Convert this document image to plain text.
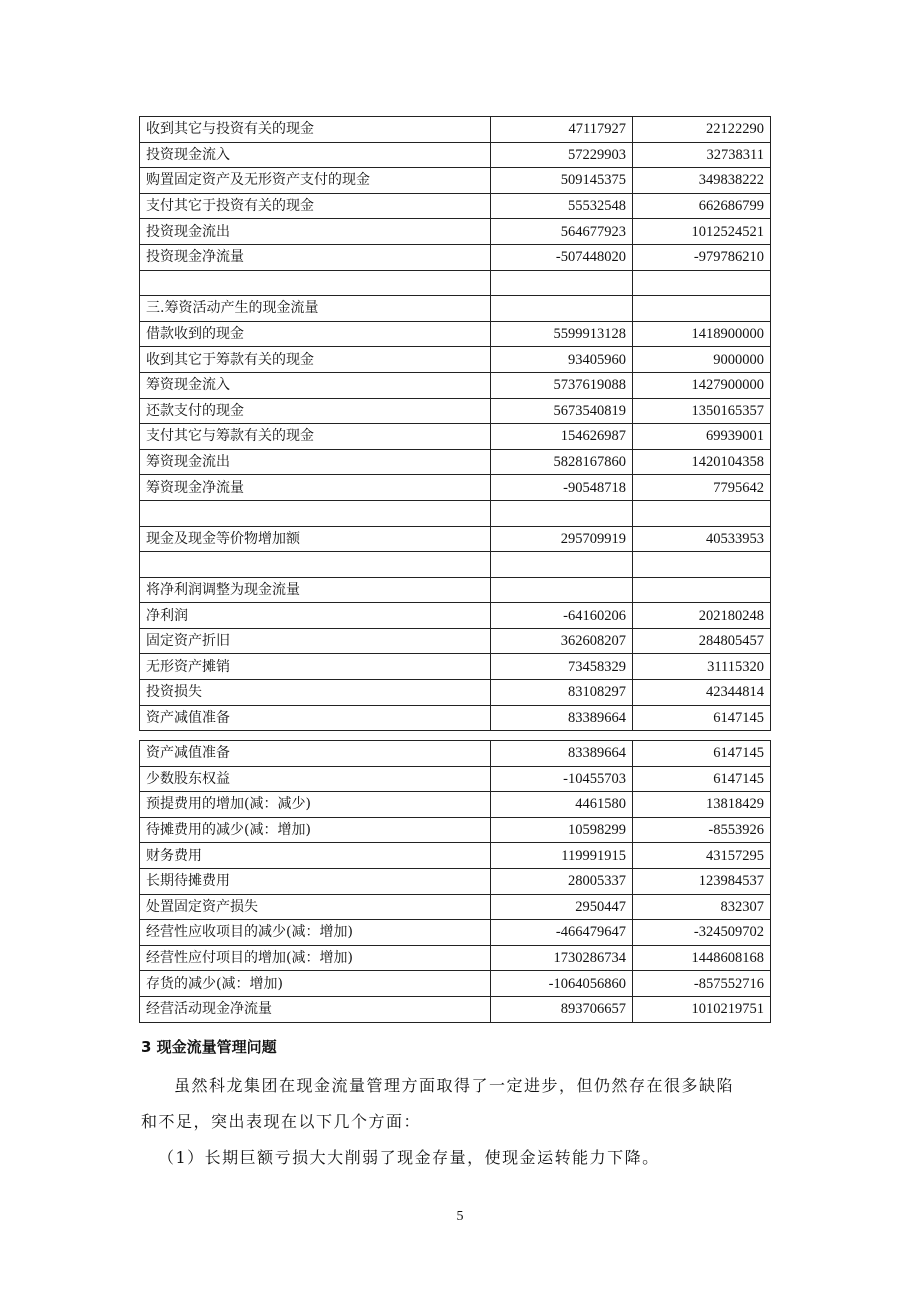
收到其它与投资有关的现金	47117927	22122290
投资现金流入	57229903	32738311
购置固定资产及无形资产支付的现金	509145375	349838222
支付其它于投资有关的现金	55532548	662686799
投资现金流出	564677923	1012524521
投资现金净流量	-507448020	-979786210

三.筹资活动产生的现金流量		
借款收到的现金	5599913128	1418900000
收到其它于筹款有关的现金	93405960	9000000
筹资现金流入	5737619088	1427900000
还款支付的现金	5673540819	1350165357
支付其它与筹款有关的现金	154626987	69939001
筹资现金流出	5828167860	1420104358
筹资现金净流量	-90548718	7795642

现金及现金等价物增加额	295709919	40533953

将净利润调整为现金流量		
净利润	-64160206	202180248
固定资产折旧	362608207	284805457
无形资产摊销	73458329	31115320
投资损失	83108297	42344814
资产减值准备	83389664	6147145
资产减值准备	83389664	6147145
少数股东权益	-10455703	6147145
预提费用的增加(减：减少)	4461580	13818429
待摊费用的减少(减：增加)	10598299	-8553926
财务费用	119991915	43157295
长期待摊费用	28005337	123984537
处置固定资产损失	2950447	832307
经营性应收项目的减少(减：增加)	-466479647	-324509702
经营性应付项目的增加(减：增加)	1730286734	1448608168
存货的减少(减：增加)	-1064056860	-857552716
经营活动现金净流量	893706657	1010219751
3 现金流量管理问题
虽然科龙集团在现金流量管理方面取得了一定进步，但仍然存在很多缺陷
和不足，突出表现在以下几个方面：
（1）长期巨额亏损大大削弱了现金存量，使现金运转能力下降。
5
